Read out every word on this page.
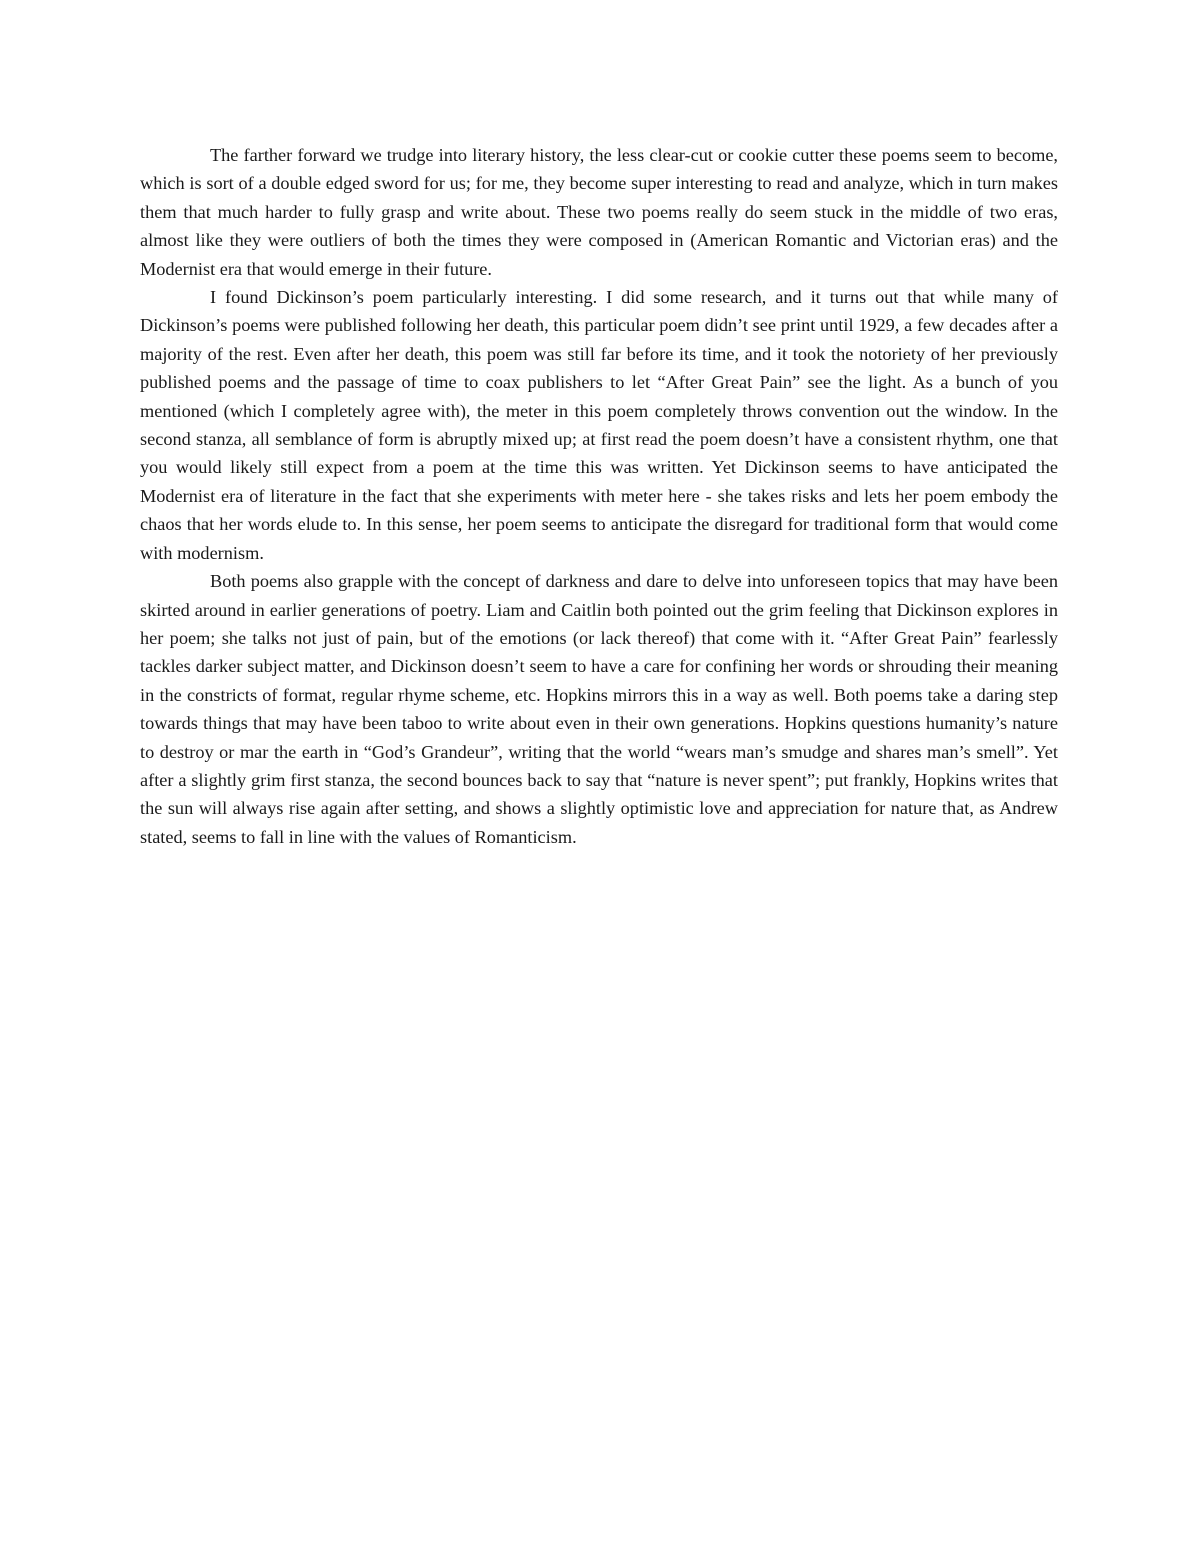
The farther forward we trudge into literary history, the less clear-cut or cookie cutter these poems seem to become, which is sort of a double edged sword for us; for me, they become super interesting to read and analyze, which in turn makes them that much harder to fully grasp and write about. These two poems really do seem stuck in the middle of two eras, almost like they were outliers of both the times they were composed in (American Romantic and Victorian eras) and the Modernist era that would emerge in their future.

I found Dickinson’s poem particularly interesting. I did some research, and it turns out that while many of Dickinson’s poems were published following her death, this particular poem didn’t see print until 1929, a few decades after a majority of the rest. Even after her death, this poem was still far before its time, and it took the notoriety of her previously published poems and the passage of time to coax publishers to let “After Great Pain” see the light. As a bunch of you mentioned (which I completely agree with), the meter in this poem completely throws convention out the window. In the second stanza, all semblance of form is abruptly mixed up; at first read the poem doesn’t have a consistent rhythm, one that you would likely still expect from a poem at the time this was written. Yet Dickinson seems to have anticipated the Modernist era of literature in the fact that she experiments with meter here - she takes risks and lets her poem embody the chaos that her words elude to. In this sense, her poem seems to anticipate the disregard for traditional form that would come with modernism.

Both poems also grapple with the concept of darkness and dare to delve into unforeseen topics that may have been skirted around in earlier generations of poetry. Liam and Caitlin both pointed out the grim feeling that Dickinson explores in her poem; she talks not just of pain, but of the emotions (or lack thereof) that come with it. “After Great Pain” fearlessly tackles darker subject matter, and Dickinson doesn’t seem to have a care for confining her words or shrouding their meaning in the constricts of format, regular rhyme scheme, etc. Hopkins mirrors this in a way as well. Both poems take a daring step towards things that may have been taboo to write about even in their own generations. Hopkins questions humanity’s nature to destroy or mar the earth in “God’s Grandeur”, writing that the world “wears man’s smudge and shares man’s smell”. Yet after a slightly grim first stanza, the second bounces back to say that “nature is never spent”; put frankly, Hopkins writes that the sun will always rise again after setting, and shows a slightly optimistic love and appreciation for nature that, as Andrew stated, seems to fall in line with the values of Romanticism.
